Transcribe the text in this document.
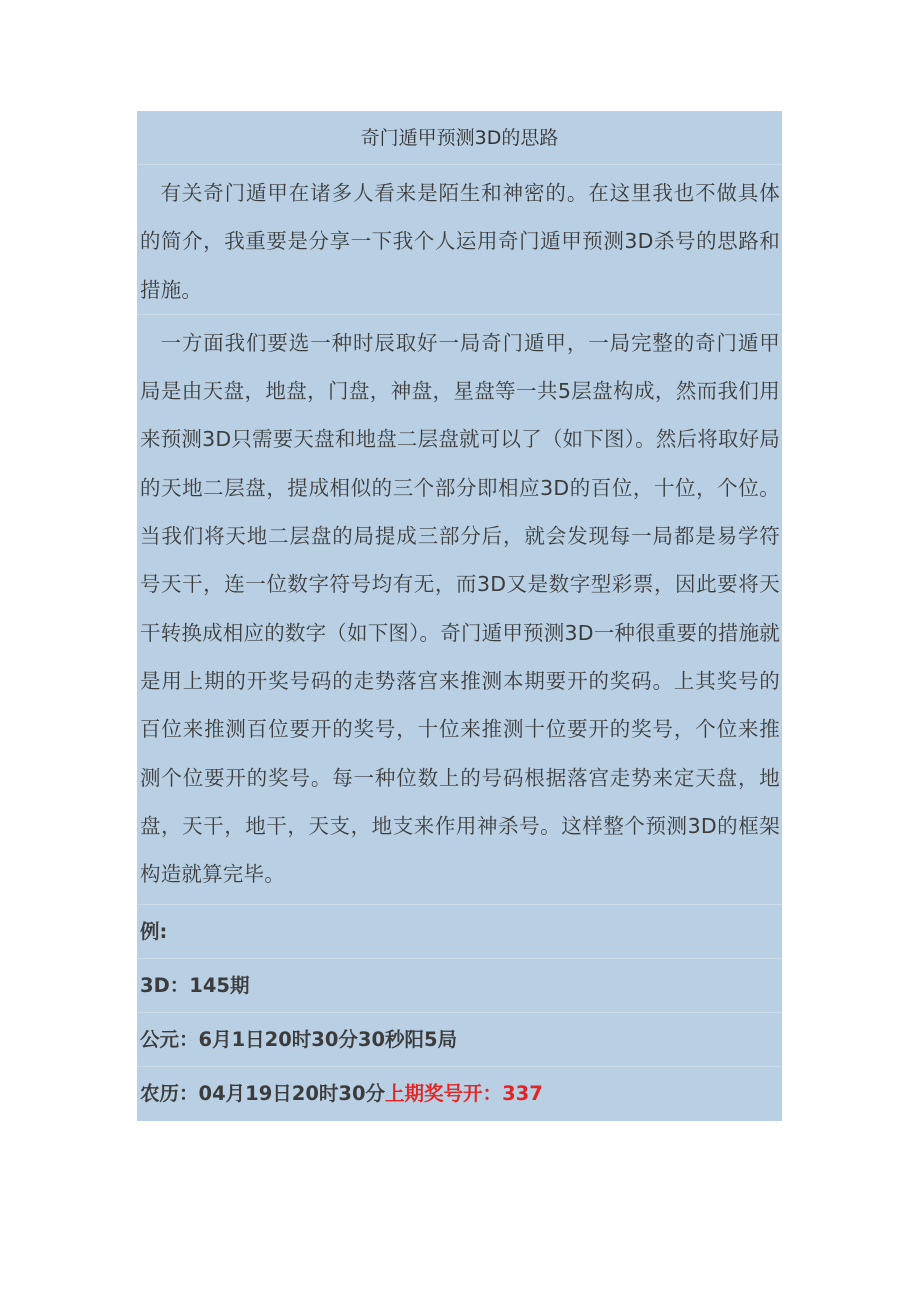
奇门遁甲预测3D的思路

有关奇门遁甲在诸多人看来是陌生和神密的。在这里我也不做具体的简介，我重要是分享一下我个人运用奇门遁甲预测3D杀号的思路和措施。

一方面我们要选一种时辰取好一局奇门遁甲，一局完整的奇门遁甲局是由天盘，地盘，门盘，神盘，星盘等一共5层盘构成，然而我们用来预测3D只需要天盘和地盘二层盘就可以了（如下图）。然后将取好局的天地二层盘，提成相似的三个部分即相应3D的百位，十位，个位。当我们将天地二层盘的局提成三部分后，就会发现每一局都是易学符号天干，连一位数字符号均有无，而3D又是数字型彩票，因此要将天干转换成相应的数字（如下图）。奇门遁甲预测3D一种很重要的措施就是用上期的开奖号码的走势落宫来推测本期要开的奖码。上其奖号的百位来推测百位要开的奖号，十位来推测十位要开的奖号，个位来推测个位要开的奖号。每一种位数上的号码根据落宫走势来定天盘，地盘，天干，地干，天支，地支来作用神杀号。这样整个预测3D的框架构造就算完毕。

例:
3D：145期
公元：6月1日20时30分30秒阳5局
农历：04月19日20时30分上期奖号开：337
